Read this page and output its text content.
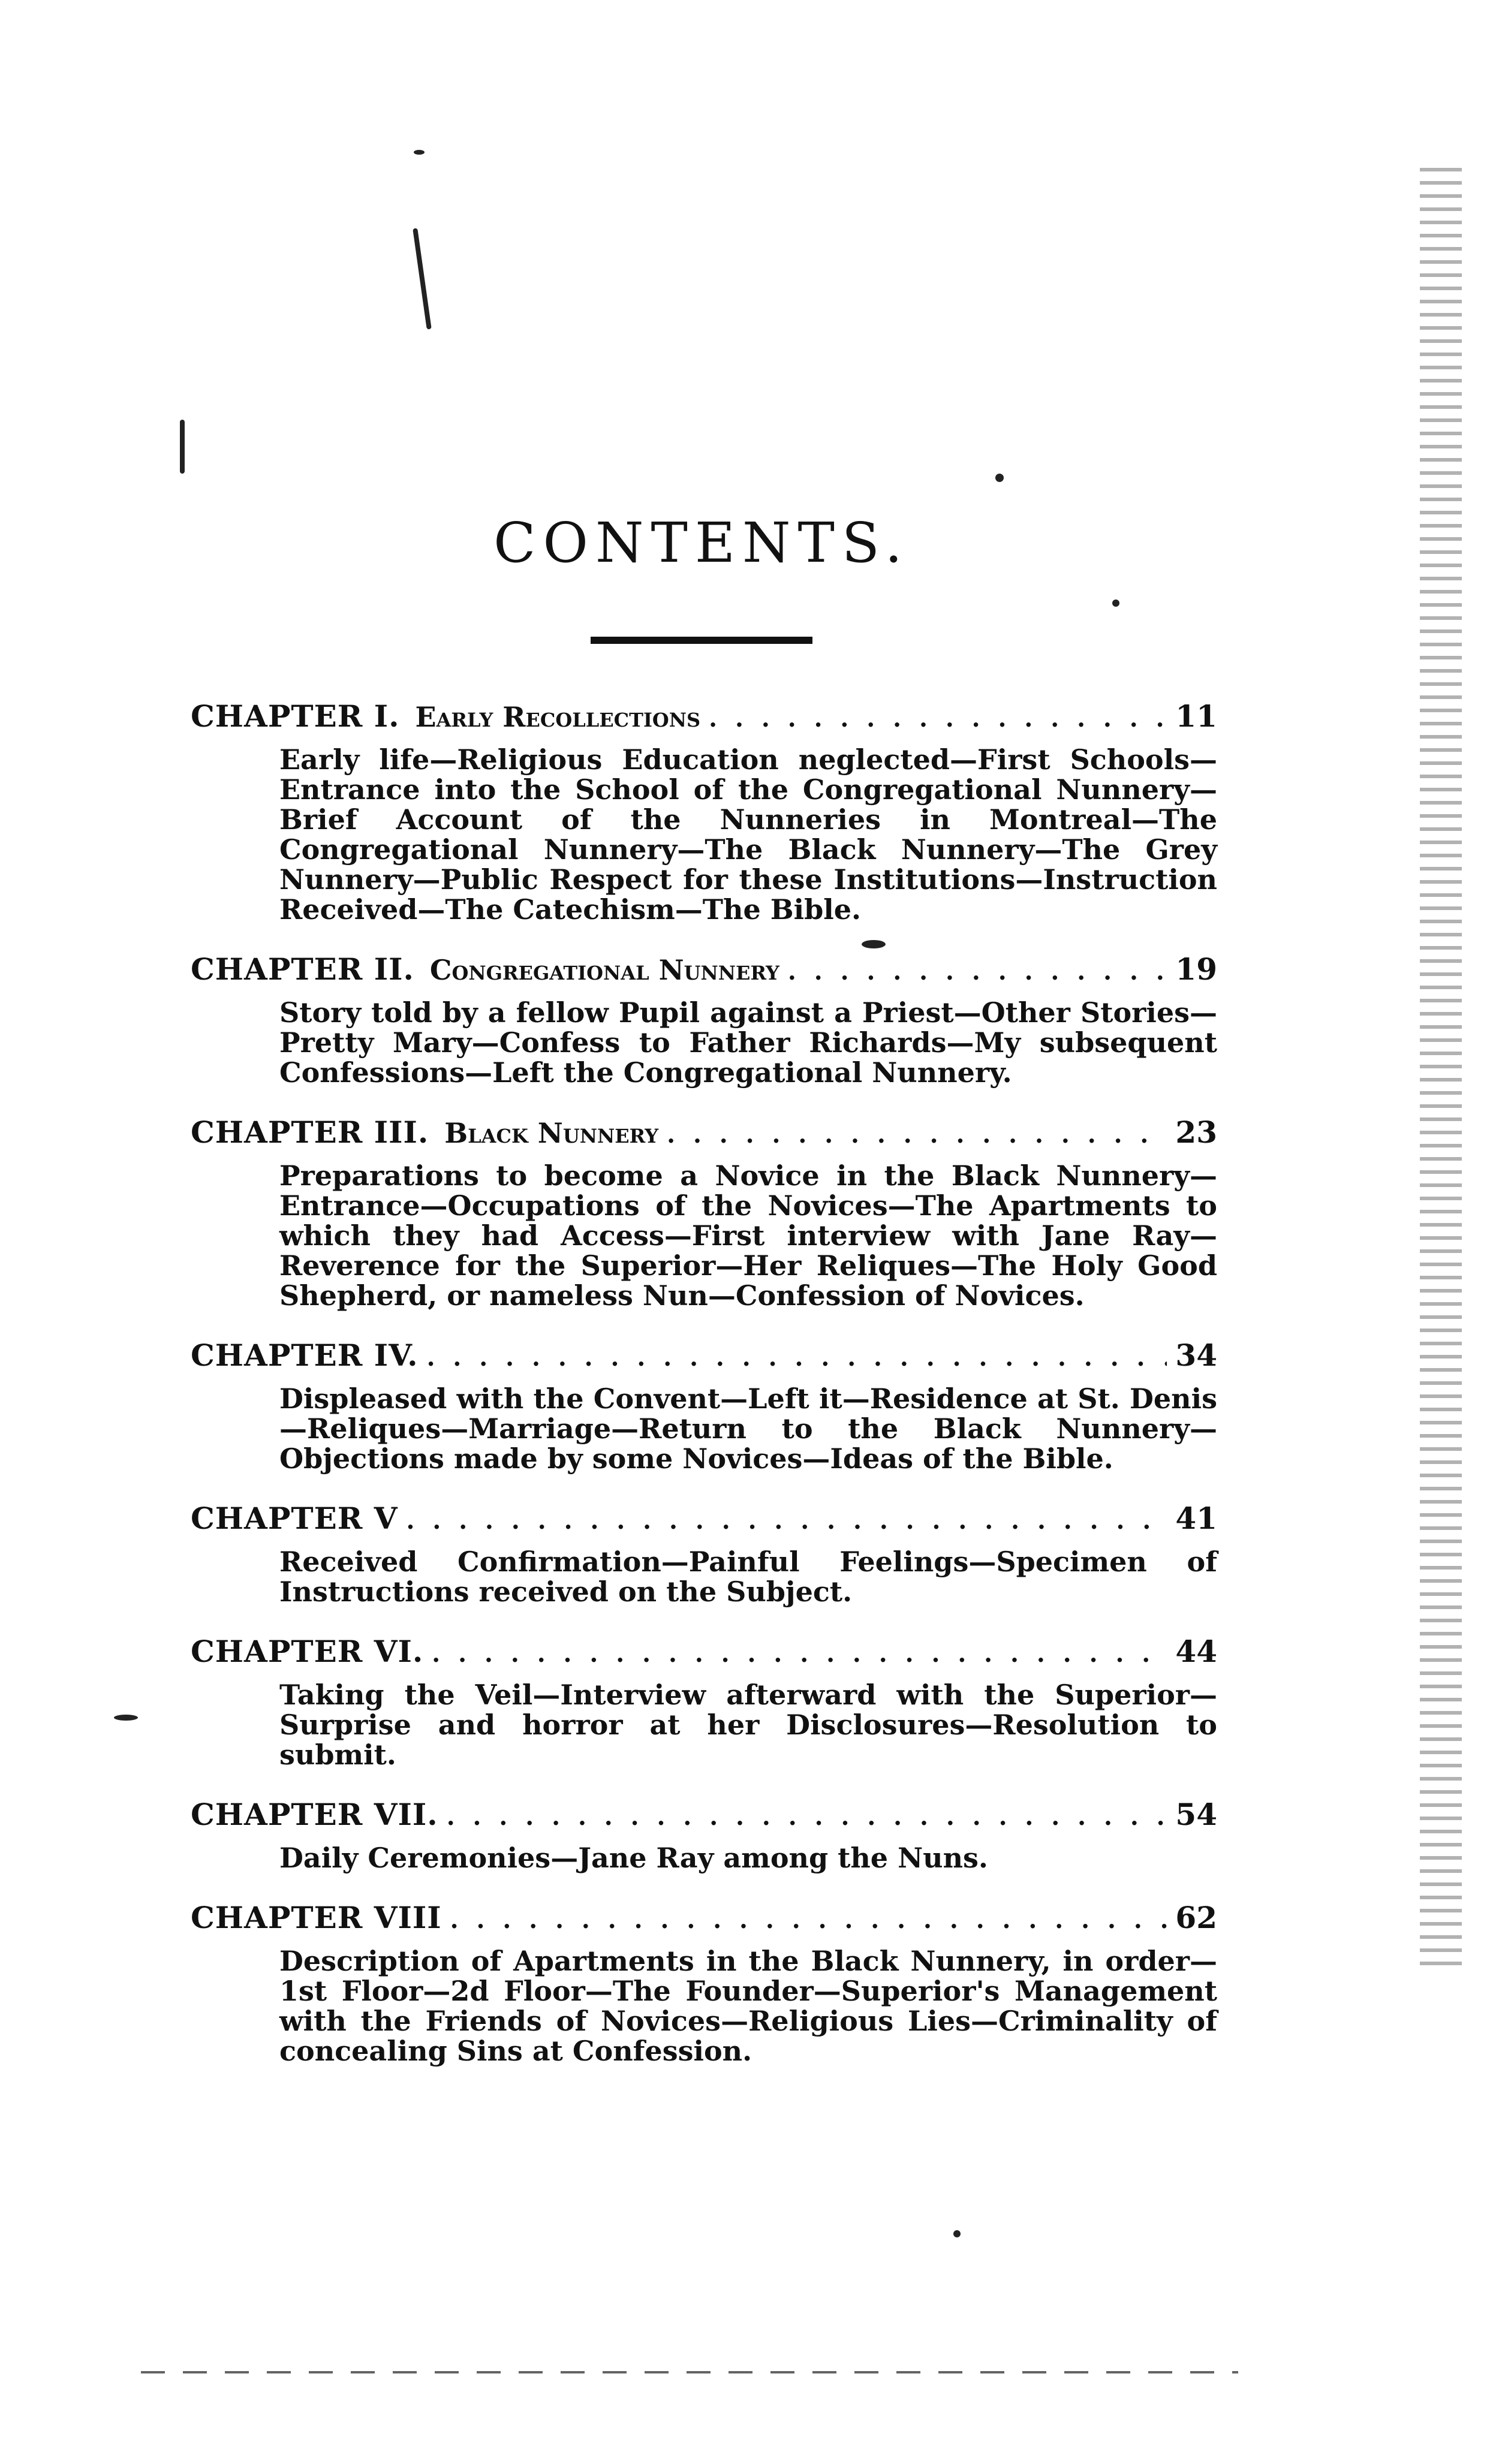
CONTENTS.
CHAPTER I. Early Recollections . . .	11
Early life—Religious Education neglected—First Schools—Entrance into the School of the Congregational Nunnery—Brief Account of the Nunneries in Montreal—The Congregational Nunnery—The Black Nunnery—The Grey Nunnery—Public Respect for these Institutions—Instruction Received—The Catechism—The Bible.
CHAPTER II. Congregational Nunnery . . .	19
Story told by a fellow Pupil against a Priest—Other Stories—Pretty Mary—Confess to Father Richards—My subsequent Confessions—Left the Congregational Nunnery.
CHAPTER III. Black Nunnery . . .	23
Preparations to become a Novice in the Black Nunnery—Entrance—Occupations of the Novices—The Apartments to which they had Access—First interview with Jane Ray—Reverence for the Superior—Her Reliques—The Holy Good Shepherd, or nameless Nun—Confession of Novices.
CHAPTER IV. . . .	34
Displeased with the Convent—Left it—Residence at St. Denis—Reliques—Marriage—Return to the Black Nunnery—Objections made by some Novices—Ideas of the Bible.
CHAPTER V . . .	41
Received Confirmation—Painful Feelings—Specimen of Instructions received on the Subject.
CHAPTER VI. . . .	44
Taking the Veil—Interview afterward with the Superior—Surprise and horror at her Disclosures—Resolution to submit.
CHAPTER VII. . . .	54
Daily Ceremonies—Jane Ray among the Nuns.
CHAPTER VIII . . .	62
Description of Apartments in the Black Nunnery, in order—1st Floor—2d Floor—The Founder—Superior's Management with the Friends of Novices—Religious Lies—Criminality of concealing Sins at Confession.
